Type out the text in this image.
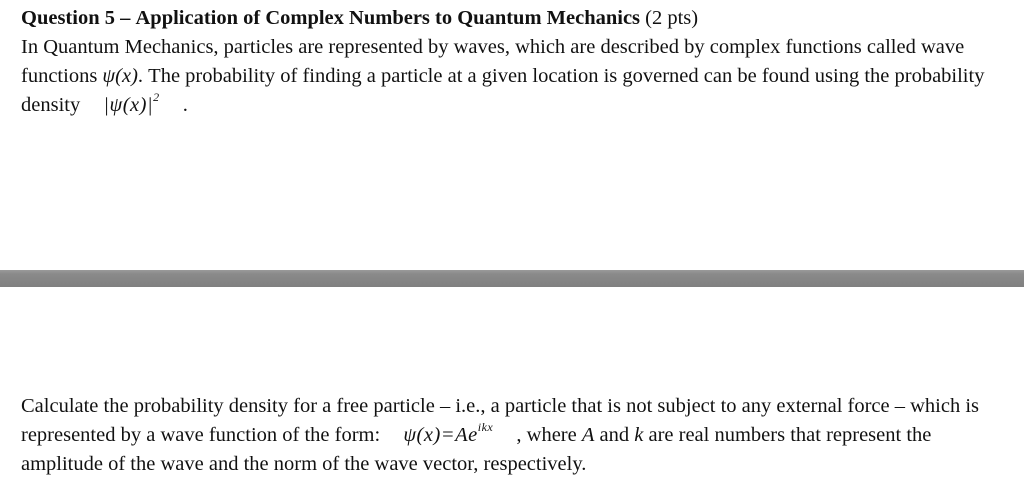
Question 5 – Application of Complex Numbers to Quantum Mechanics (2 pts)
In Quantum Mechanics, particles are represented by waves, which are described by complex functions called wave functions ψ(x). The probability of finding a particle at a given location is governed can be found using the probability density $|\psi(x)|^2$ .
Calculate the probability density for a free particle – i.e., a particle that is not subject to any external force – which is represented by a wave function of the form: $\psi(x)=Ae^{ikx}$ , where A and k are real numbers that represent the amplitude of the wave and the norm of the wave vector, respectively.
